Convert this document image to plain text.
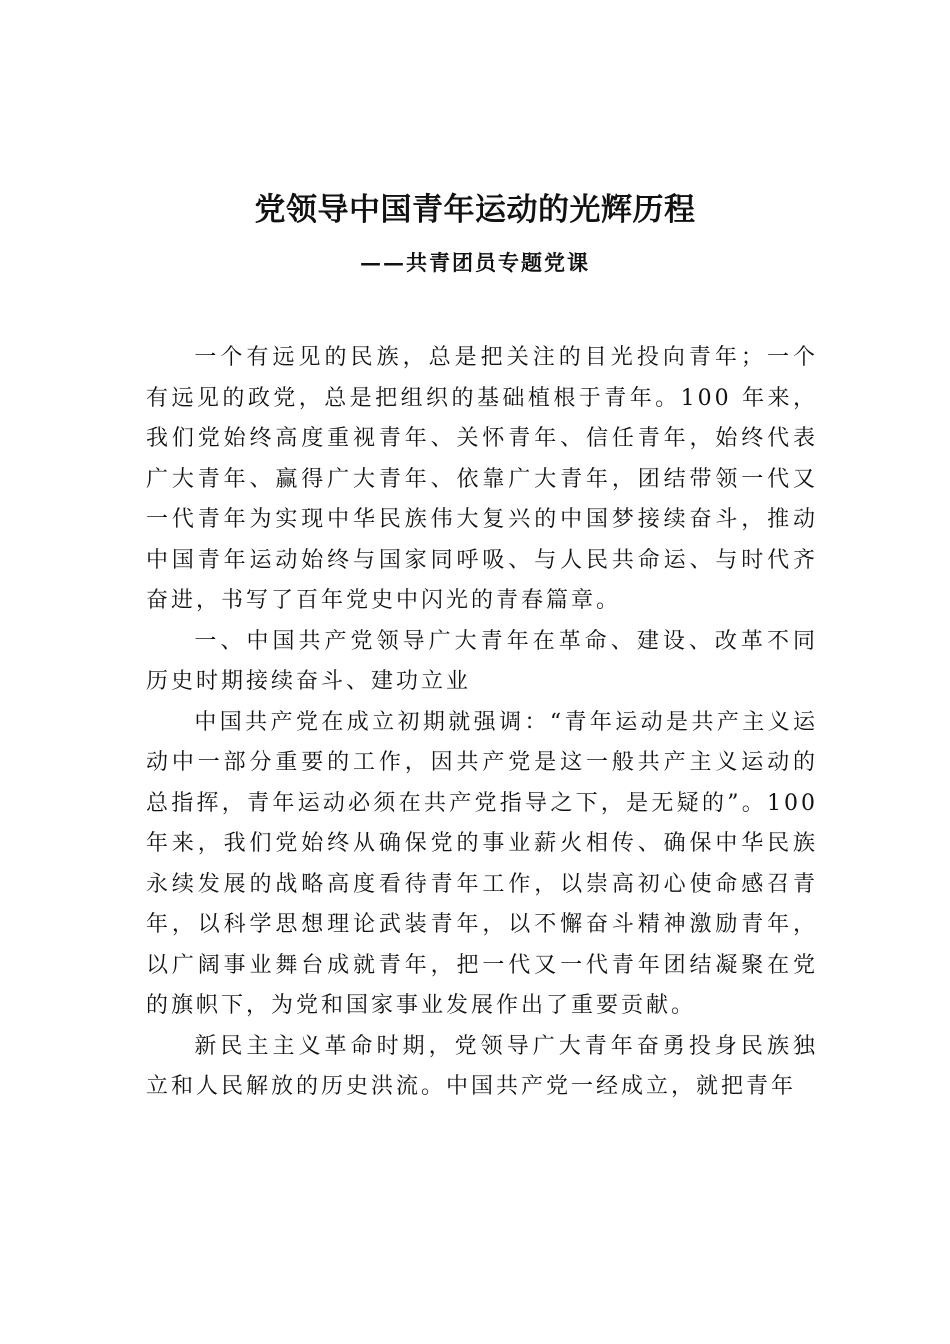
党领导中国青年运动的光辉历程
——共青团员专题党课

一个有远见的民族，总是把关注的目光投向青年；一个有远见的政党，总是把组织的基础植根于青年。100 年来，我们党始终高度重视青年、关怀青年、信任青年，始终代表广大青年、赢得广大青年、依靠广大青年，团结带领一代又一代青年为实现中华民族伟大复兴的中国梦接续奋斗，推动中国青年运动始终与国家同呼吸、与人民共命运、与时代齐奋进，书写了百年党史中闪光的青春篇章。

一、中国共产党领导广大青年在革命、建设、改革不同历史时期接续奋斗、建功立业

中国共产党在成立初期就强调：“青年运动是共产主义运动中一部分重要的工作，因共产党是这一般共产主义运动的总指挥，青年运动必须在共产党指导之下，是无疑的”。100 年来，我们党始终从确保党的事业薪火相传、确保中华民族永续发展的战略高度看待青年工作，以崇高初心使命感召青年，以科学思想理论武装青年，以不懈奋斗精神激励青年，以广阔事业舞台成就青年，把一代又一代青年团结凝聚在党的旗帜下，为党和国家事业发展作出了重要贡献。

新民主主义革命时期，党领导广大青年奋勇投身民族独立和人民解放的历史洪流。中国共产党一经成立，就把青年
